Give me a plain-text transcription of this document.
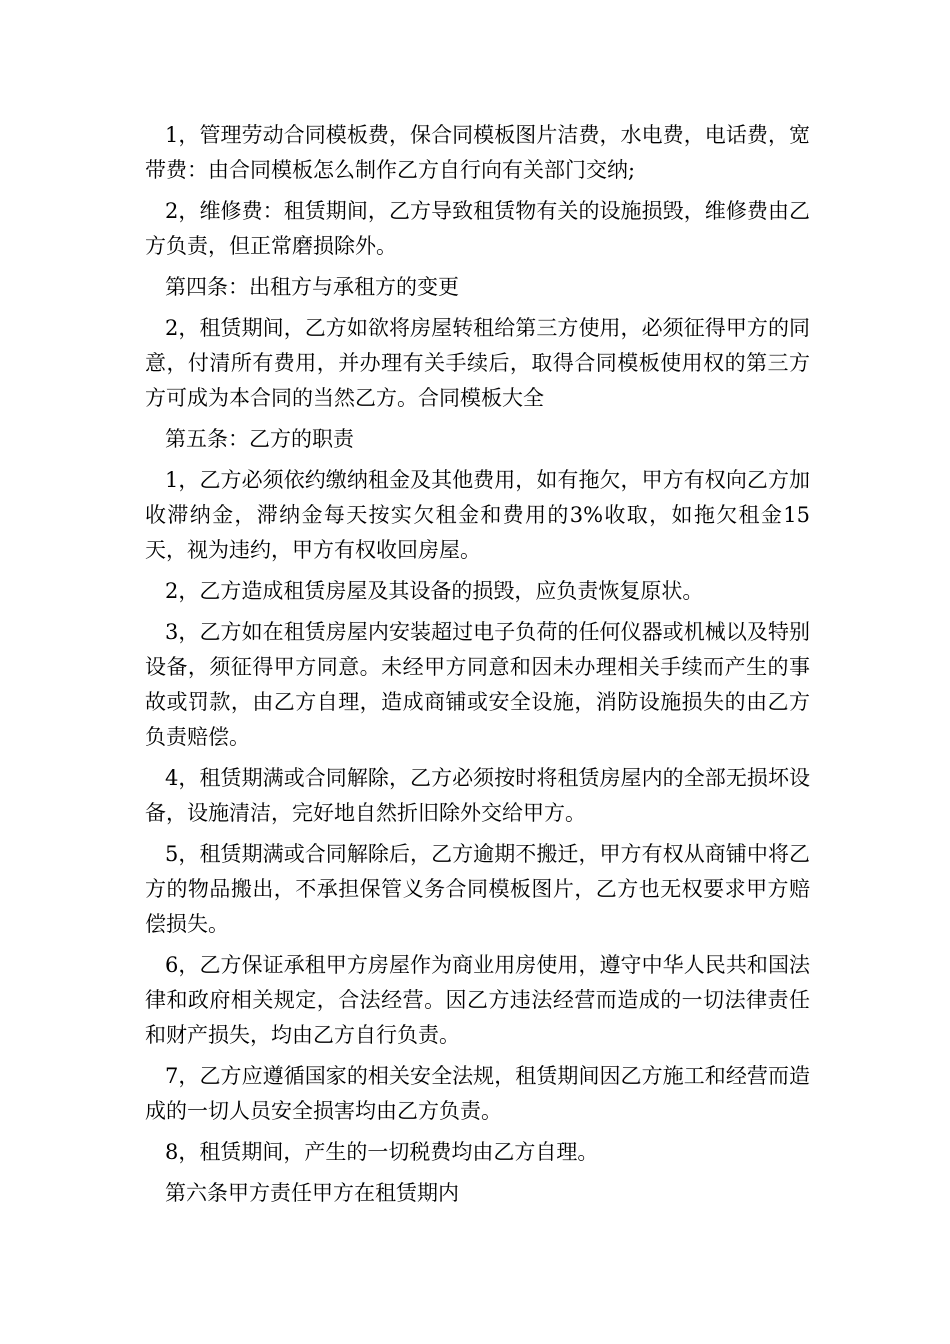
1，管理劳动合同模板费，保合同模板图片洁费，水电费，电话费，宽带费：由合同模板怎么制作乙方自行向有关部门交纳;

2，维修费：租赁期间，乙方导致租赁物有关的设施损毁，维修费由乙方负责，但正常磨损除外。

第四条：出租方与承租方的变更

2，租赁期间，乙方如欲将房屋转租给第三方使用，必须征得甲方的同意，付清所有费用，并办理有关手续后，取得合同模板使用权的第三方方可成为本合同的当然乙方。合同模板大全

第五条：乙方的职责

1，乙方必须依约缴纳租金及其他费用，如有拖欠，甲方有权向乙方加收滞纳金，滞纳金每天按实欠租金和费用的3%收取，如拖欠租金15天，视为违约，甲方有权收回房屋。

2，乙方造成租赁房屋及其设备的损毁，应负责恢复原状。

3，乙方如在租赁房屋内安装超过电子负荷的任何仪器或机械以及特别设备，须征得甲方同意。未经甲方同意和因未办理相关手续而产生的事故或罚款，由乙方自理，造成商铺或安全设施，消防设施损失的由乙方负责赔偿。

4，租赁期满或合同解除，乙方必须按时将租赁房屋内的全部无损坏设备，设施清洁，完好地自然折旧除外交给甲方。

5，租赁期满或合同解除后，乙方逾期不搬迁，甲方有权从商铺中将乙方的物品搬出，不承担保管义务合同模板图片，乙方也无权要求甲方赔偿损失。

6，乙方保证承租甲方房屋作为商业用房使用，遵守中华人民共和国法律和政府相关规定，合法经营。因乙方违法经营而造成的一切法律责任和财产损失，均由乙方自行负责。

7，乙方应遵循国家的相关安全法规，租赁期间因乙方施工和经营而造成的一切人员安全损害均由乙方负责。

8，租赁期间，产生的一切税费均由乙方自理。

第六条甲方责任甲方在租赁期内
